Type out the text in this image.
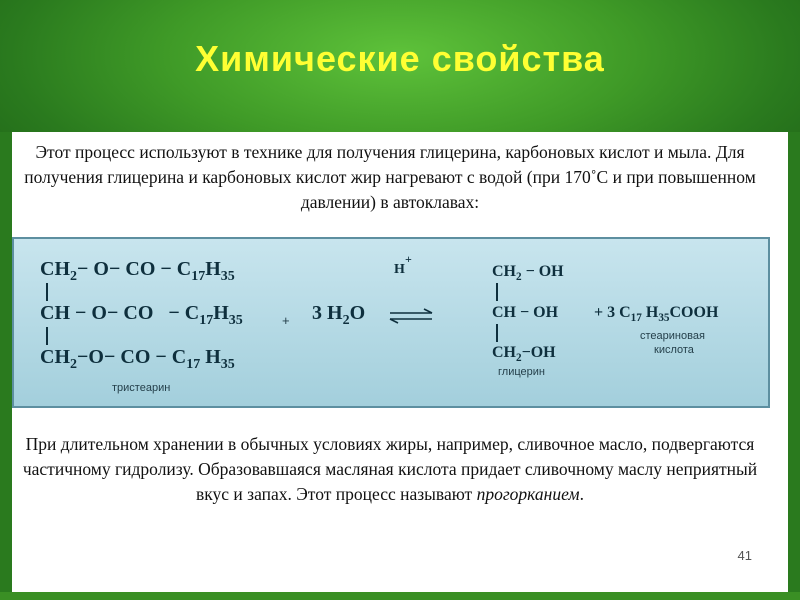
Химические свойства
Этот процесс используют в технике для получения глицерина, карбоновых кислот и мыла. Для получения глицерина и карбоновых кислот жир нагревают с водой (при 170˚С и при повышенном давлении) в автоклавах:
$CH_2- O-$ CO − $C_{17}H_{35}$
CH − O− CO − $C_{17}H_{35}$
$CH_2-O-$ CO − $C_{17}$ $H_{35}$
тристеарин
+ 3 $H_2O$
H
+
$CH_2$ − OH
CH − OH
$CH_2-OH$
глицерин
+ 3 $C_{17}$ $H_{35}COOH$
стеариновая
кислота
При длительном хранении в обычных условиях жиры, например, сливочное масло, подвергаются частичному гидролизу. Образовавшаяся масляная кислота придает сливочному маслу неприятный вкус и запах. Этот процесс называют прогорканием.
41
